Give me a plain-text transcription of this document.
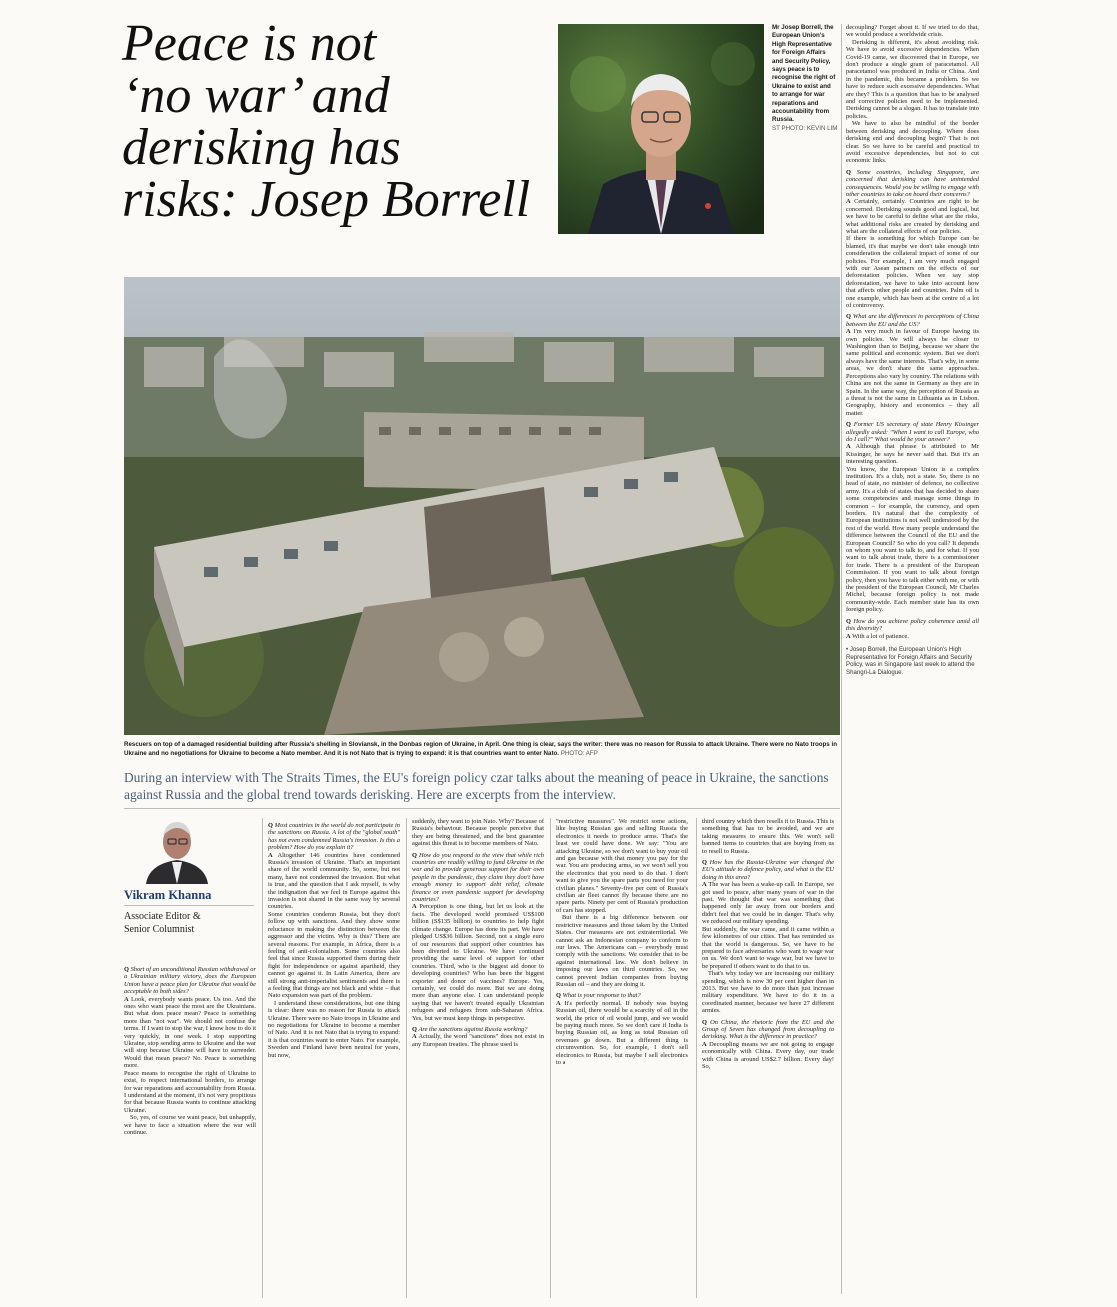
Peace is not
‘no war’ and
derisking has
risks: Josep Borrell
Mr Josep Borrell, the European Union's High Representative for Foreign Affairs and Security Policy, says peace is to recognise the right of Ukraine to exist and to arrange for war reparations and accountability from Russia.
ST PHOTO: KEVIN LIM
Rescuers on top of a damaged residential building after Russia's shelling in Sloviansk, in the Donbas region of Ukraine, in April. One thing is clear, says the writer: there was no reason for Russia to attack Ukraine. There were no Nato troops in Ukraine and no negotiations for Ukraine to become a Nato member. And it is not Nato that is trying to expand: it is that countries want to enter Nato. PHOTO: AFP
During an interview with The Straits Times, the EU's foreign policy czar talks about the meaning of peace in Ukraine, the sanctions against Russia and the global trend towards derisking. Here are excerpts from the interview.
Vikram Khanna
Associate Editor &
Senior Columnist

Q Short of an unconditional Russian withdrawal or a Ukrainian military victory, does the European Union have a peace plan for Ukraine that would be acceptable to both sides?

A Look, everybody wants peace. Us too. And the ones who want peace the most are the Ukrainians. But what does peace mean? Peace is something more than "not war". We should not confuse the terms. If I want to stop the war, I know how to do it very quickly, in one week. I stop supporting Ukraine, stop sending arms to Ukraine and the war will stop because Ukraine will have to surrender. Would that mean peace? No. Peace is something more.

Peace means to recognise the right of Ukraine to exist, to respect international borders, to arrange for war reparations and accountability from Russia. I understand at the moment, it's not very propitious for that because Russia wants to continue attacking Ukraine.

So, yes, of course we want peace, but unhappily, we have to face a situation where the war will continue.

Q Most countries in the world do not participate in the sanctions on Russia. A lot of the "global south" has not even condemned Russia's invasion. Is this a problem? How do you explain it?

A Altogether 146 countries have condemned Russia's invasion of Ukraine. That's an important share of the world community. So, some, but not many, have not condemned the invasion. But what is true, and the question that I ask myself, is why the indignation that we feel in Europe against this invasion is not shared in the same way by several countries.

Some countries condemn Russia, but they don't follow up with sanctions. And they show some reluctance in making the distinction between the aggressor and the victim. Why is this? There are several reasons. For example, in Africa, there is a feeling of anti-colonialism. Some countries also feel that since Russia supported them during their fight for independence or against apartheid, they cannot go against it. In Latin America, there are still strong anti-imperialist sentiments and there is a feeling that things are not black and white – that Nato expansion was part of the problem.

I understand these considerations, but one thing is clear: there was no reason for Russia to attack Ukraine. There were no Nato troops in Ukraine and no negotiations for Ukraine to become a member of Nato. And it is not Nato that is trying to expand: it is that countries want to enter Nato. For example, Sweden and Finland have been neutral for years, but now,

suddenly, they want to join Nato. Why? Because of Russia's behaviour. Because people perceive that they are being threatened, and the best guarantee against this threat is to become members of Nato.

Q How do you respond to the view that while rich countries are readily willing to fund Ukraine in the war and to provide generous support for their own people in the pandemic, they claim they don't have enough money to support debt relief, climate finance or even pandemic support for developing countries?

A Perception is one thing, but let us look at the facts. The developed world promised US$100 billion (S$135 billion) to countries to help fight climate change. Europe has done its part. We have pledged US$36 billion. Second, not a single euro of our resources that support other countries has been diverted to Ukraine. We have continued providing the same level of support for other countries. Third, who is the biggest aid donor to developing countries? Who has been the biggest exporter and donor of vaccines? Europe. Yes, certainly, we could do more. But we are doing more than anyone else. I can understand people saying that we haven't treated equally Ukrainian refugees and refugees from sub-Saharan Africa. Yes, but we must keep things in perspective.

Q Are the sanctions against Russia working?

A Actually, the word "sanctions" does not exist in any European treaties. The phrase used is

"restrictive measures". We restrict some actions, like buying Russian gas and selling Russia the electronics it needs to produce arms. That's the least we could have done. We say: "You are attacking Ukraine, so we don't want to buy your oil and gas because with that money you pay for the war. You are producing arms, so we won't sell you the electronics that you need to do that. I don't want to give you the spare parts you need for your civilian planes." Seventy-five per cent of Russia's civilian air fleet cannot fly because there are no spare parts. Ninety per cent of Russia's production of cars has stopped.

But there is a big difference between our restrictive measures and those taken by the United States. Our measures are not extraterritorial. We cannot ask an Indonesian company to conform to our laws. The Americans can – everybody must comply with the sanctions. We consider that to be against international law. We don't believe in imposing our laws on third countries. So, we cannot prevent Indian companies from buying Russian oil – and they are doing it.

Q What is your response to that?

A It's perfectly normal. If nobody was buying Russian oil, there would be a scarcity of oil in the world, the price of oil would jump, and we would be paying much more. So we don't care if India is buying Russian oil, as long as total Russian oil revenues go down. But a different thing is circumvention. So, for example, I don't sell electronics to Russia, but maybe I sell electronics to a

third country which then resells it to Russia. This is something that has to be avoided, and we are taking measures to ensure this. We won't sell banned items to countries that are buying from us to resell to Russia.

Q How has the Russia-Ukraine war changed the EU's attitude to defence policy, and what is the EU doing in this area?

A The war has been a wake-up call. In Europe, we got used to peace, after many years of war in the past. We thought that war was something that happened only far away from our borders and didn't feel that we could be in danger. That's why we reduced our military spending.

But suddenly, the war came, and it came within a few kilometres of our cities. That has reminded us that the world is dangerous. So, we have to be prepared to face adversaries who want to wage war on us. We don't want to wage war, but we have to be prepared if others want to do that to us.

That's why today we are increasing our military spending, which is now 30 per cent higher than in 2013. But we have to do more than just increase military expenditure. We have to do it in a coordinated manner, because we have 27 different armies.

Q On China, the rhetoric from the EU and the Group of Seven has changed from decoupling to derisking. What is the difference in practice?

A Decoupling means we are not going to engage economically with China. Every day, our trade with China is around US$2.7 billion. Every day! So,

decoupling? Forget about it. If we tried to do that, we would produce a worldwide crisis.

Derisking is different, it's about avoiding risk. We have to avoid excessive dependencies. When Covid-19 came, we discovered that in Europe, we don't produce a single gram of paracetamol. All paracetamol was produced in India or China. And in the pandemic, this became a problem. So we have to reduce such excessive dependencies. What are they? This is a question that has to be analysed and corrective policies need to be implemented. Derisking cannot be a slogan. It has to translate into policies.

We have to also be mindful of the border between derisking and decoupling. Where does derisking end and decoupling begin? That is not clear. So we have to be careful and practical to avoid excessive dependencies, but not to cut economic links.

Q Some countries, including Singapore, are concerned that derisking can have unintended consequences. Would you be willing to engage with other countries to take on board their concerns?

A Certainly, certainly. Countries are right to be concerned. Derisking sounds good and logical, but we have to be careful to define what are the risks, what additional risks are created by derisking and what are the collateral effects of our policies.

If there is something for which Europe can be blamed, it's that maybe we don't take enough into consideration the collateral impact of some of our policies. For example, I am very much engaged with our Asean partners on the effects of our deforestation policies. When we say stop deforestation, we have to take into account how that affects other people and countries. Palm oil is one example, which has been at the centre of a lot of controversy.

Q What are the differences in perceptions of China between the EU and the US?

A I'm very much in favour of Europe having its own policies. We will always be closer to Washington than to Beijing, because we share the same political and economic system. But we don't always have the same interests. That's why, in some areas, we don't share the same approaches. Perceptions also vary by country. The relations with China are not the same in Germany as they are in Spain. In the same way, the perception of Russia as a threat is not the same in Lithuania as in Lisbon. Geography, history and economics – they all matter.

Q Former US secretary of state Henry Kissinger allegedly asked: "When I want to call Europe, who do I call?" What would be your answer?

A Although that phrase is attributed to Mr Kissinger, he says he never said that. But it's an interesting question.

You know, the European Union is a complex institution. It's a club, not a state. So, there is no head of state, no minister of defence, no collective army. It's a club of states that has decided to share some competencies and manage some things in common – for example, the currency, and open borders. It's natural that the complexity of European institutions is not well understood by the rest of the world. How many people understand the difference between the Council of the EU and the European Council? So who do you call? It depends on whom you want to talk to, and for what. If you want to talk about trade, there is a commissioner for trade. There is a president of the European Commission. If you want to talk about foreign policy, then you have to talk either with me, or with the president of the European Council, Mr Charles Michel, because foreign policy is not made community-wide. Each member state has its own foreign policy.

Q How do you achieve policy coherence amid all this diversity?

A With a lot of patience.

• Josep Borrell, the European Union's High Representative for Foreign Affairs and Security Policy, was in Singapore last week to attend the Shangri-La Dialogue.
